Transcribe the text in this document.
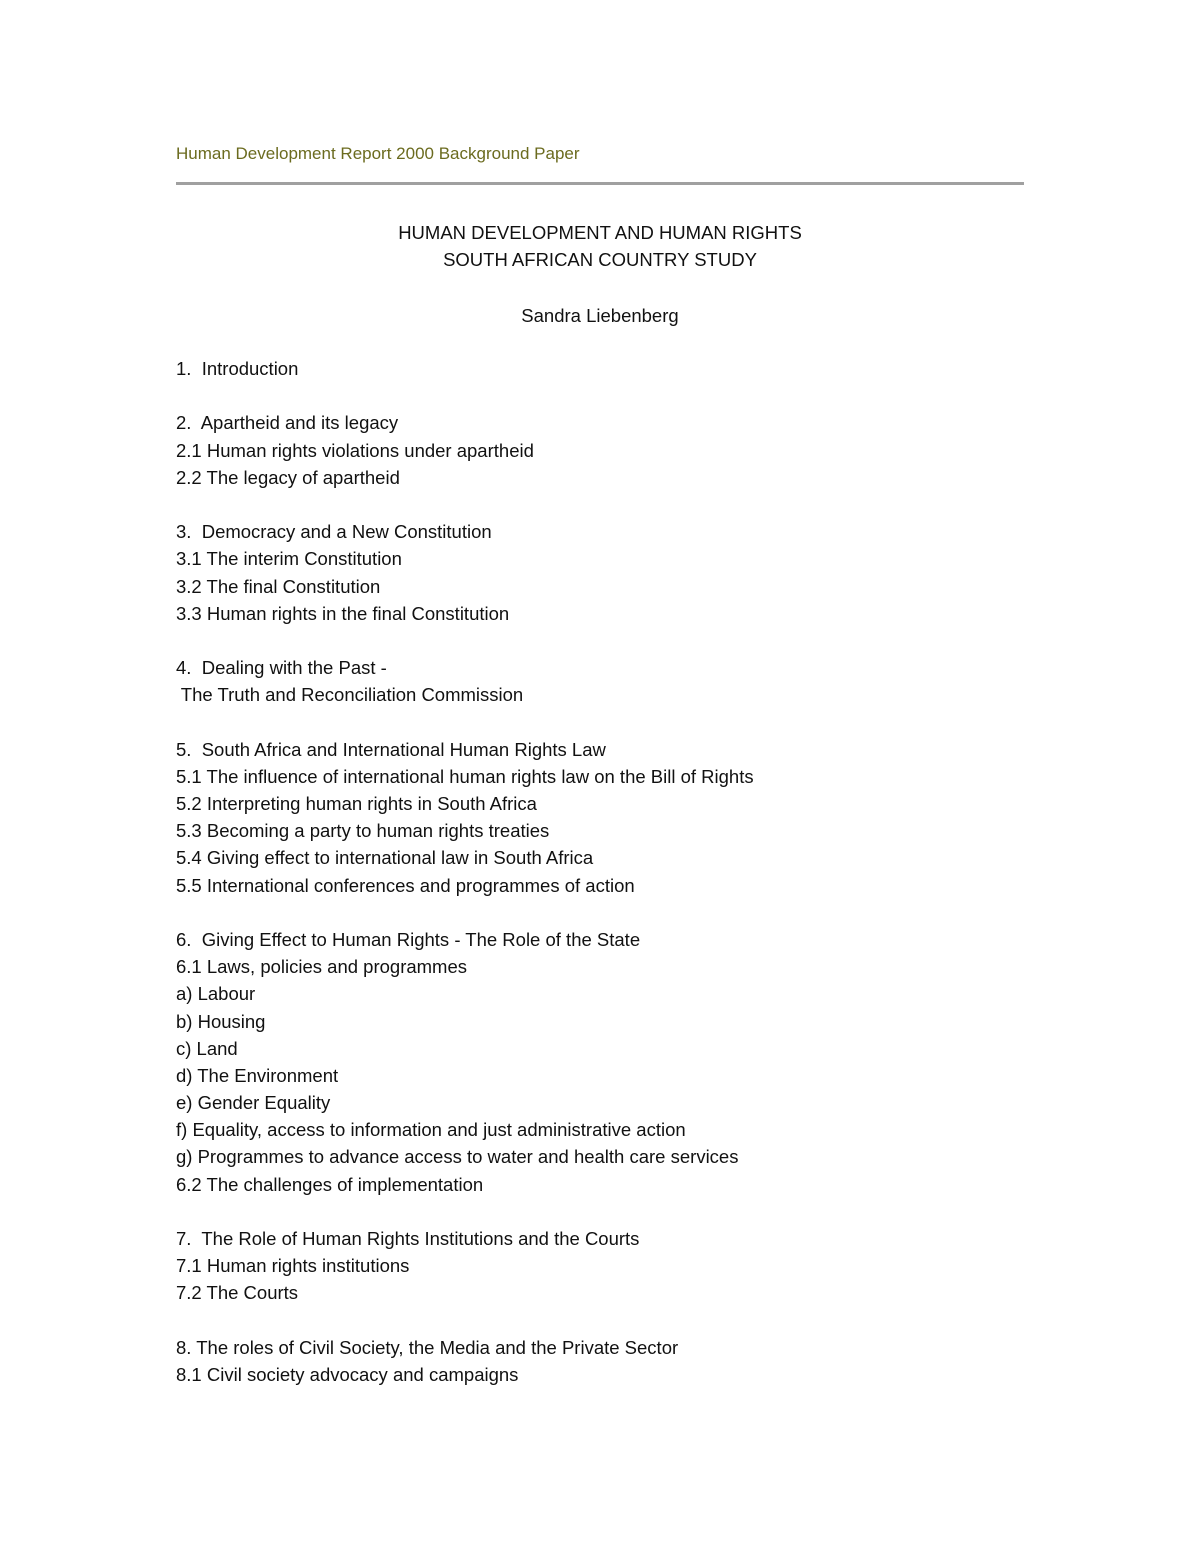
Human Development Report 2000 Background Paper
HUMAN DEVELOPMENT AND HUMAN RIGHTS
SOUTH AFRICAN COUNTRY STUDY
Sandra Liebenberg
1.  Introduction
2.  Apartheid and its legacy
2.1 Human rights violations under apartheid
2.2 The legacy of apartheid
3.  Democracy and a New Constitution
3.1 The interim Constitution
3.2 The final Constitution
3.3 Human rights in the final Constitution
4.  Dealing with the Past -
The Truth and Reconciliation Commission
5.  South Africa and International Human Rights Law
5.1 The influence of international human rights law on the Bill of Rights
5.2 Interpreting human rights in South Africa
5.3 Becoming a party to human rights treaties
5.4 Giving effect to international law in South Africa
5.5 International conferences and programmes of action
6.  Giving Effect to Human Rights - The Role of the State
6.1 Laws, policies and programmes
a) Labour
b) Housing
c) Land
d) The Environment
e) Gender Equality
f) Equality, access to information and just administrative action
g) Programmes to advance access to water and health care services
6.2 The challenges of implementation
7.  The Role of Human Rights Institutions and the Courts
7.1 Human rights institutions
7.2 The Courts
8. The roles of Civil Society, the Media and the Private Sector
8.1 Civil society advocacy and campaigns
